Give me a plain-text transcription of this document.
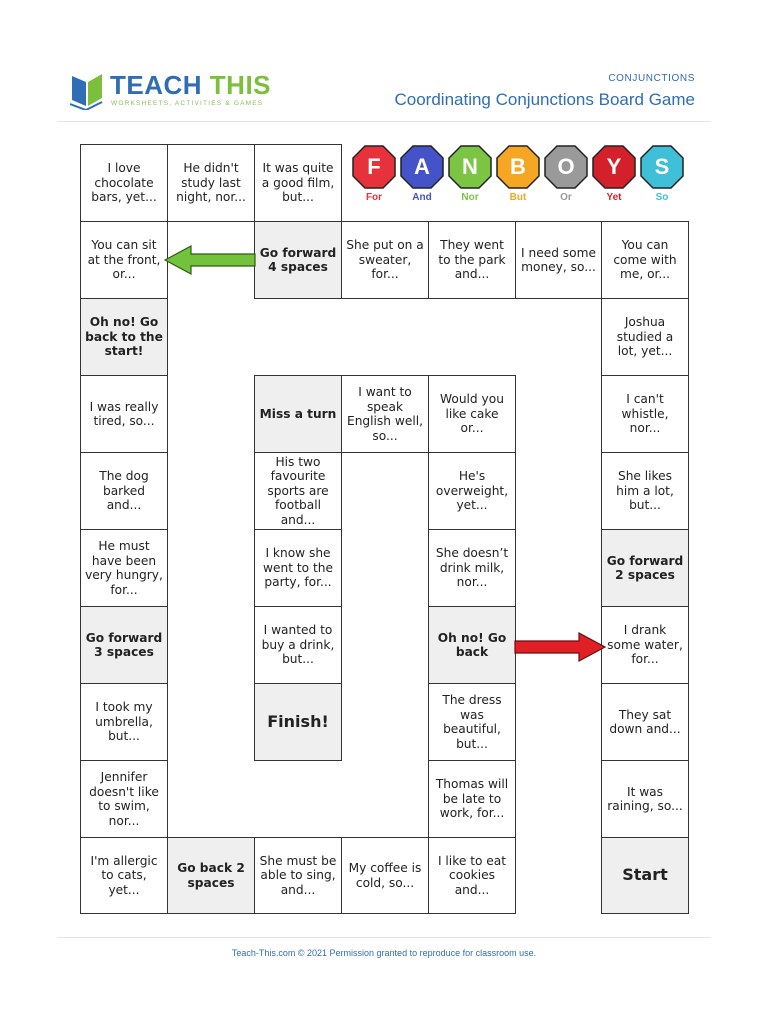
TEACH THIS
WORKSHEETS, ACTIVITIES & GAMES
CONJUNCTIONS
Coordinating Conjunctions Board Game
F
For
A
And
N
Nor
B
But
O
Or
Y
Yet
S
So
I love chocolate bars, yet...
He didn't study last night, nor...
It was quite a good film, but...
You can sit at the front, or...
Go forward 4 spaces
She put on a sweater, for...
They went to the park and...
I need some money, so...
You can come with me, or...
Oh no! Go back to the start!
Joshua studied a lot, yet...
I was really tired, so...
Miss a turn
I want to speak English well, so...
Would you like cake or...
I can't whistle, nor...
The dog barked and...
His two favourite sports are football and...
He's overweight, yet...
She likes him a lot, but...
He must have been very hungry, for...
I know she went to the party, for...
She doesn’t drink milk, nor...
Go forward 2 spaces
Go forward 3 spaces
I wanted to buy a drink, but...
Oh no! Go back
I drank some water, for...
I took my umbrella, but...
Finish!
The dress was beautiful, but...
They sat down and...
Jennifer doesn't like to swim, nor...
Thomas will be late to work, for...
It was raining, so...
I'm allergic to cats, yet...
Go back 2 spaces
She must be able to sing, and...
My coffee is cold, so...
I like to eat cookies and...
Start
Teach-This.com © 2021 Permission granted to reproduce for classroom use.
